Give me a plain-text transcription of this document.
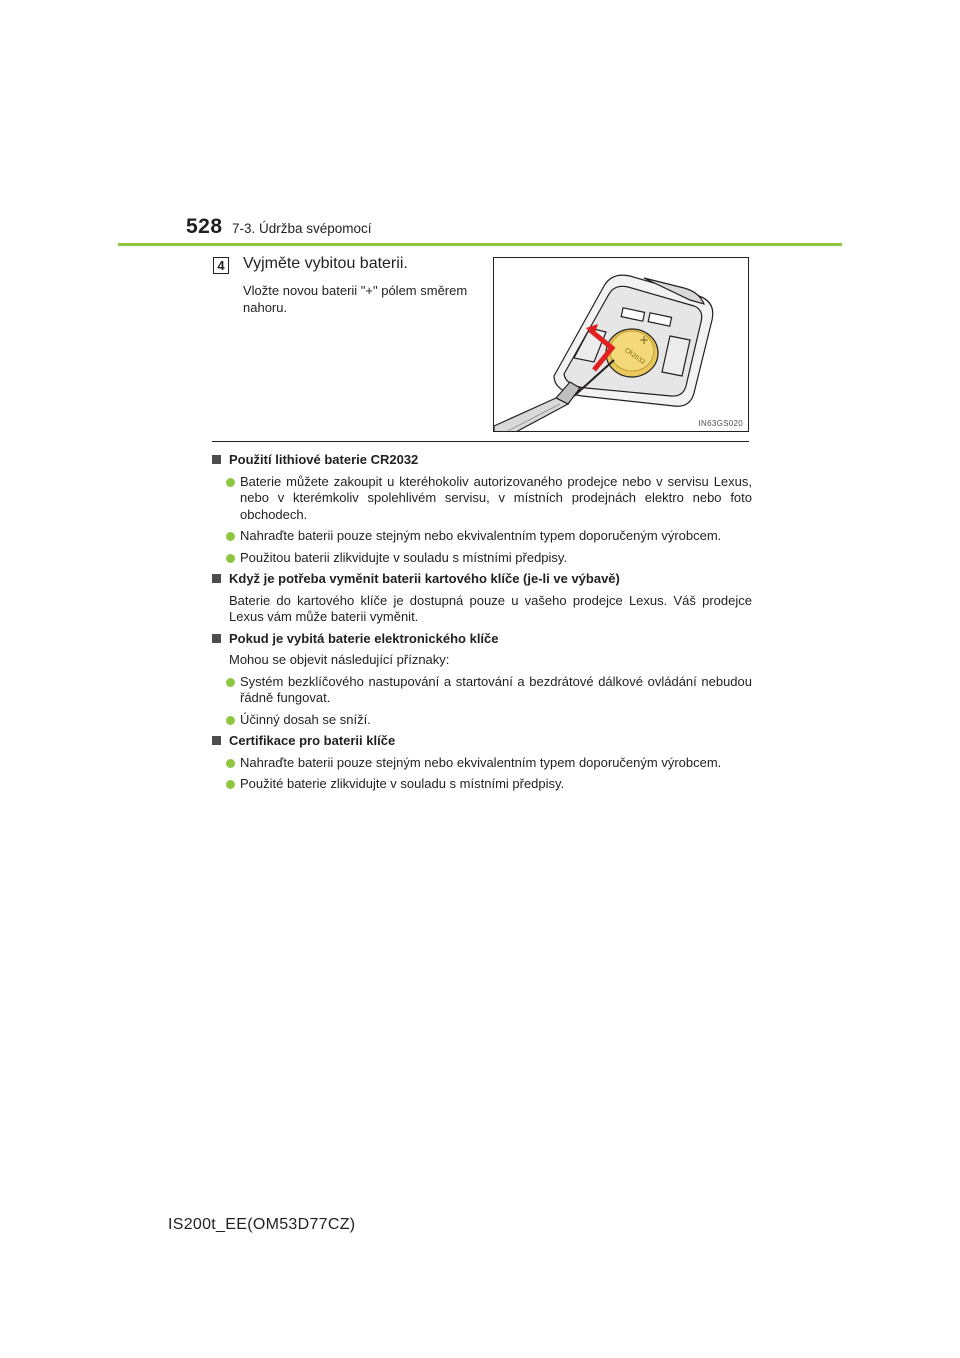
528 7-3. Údržba svépomocí
4 Vyjměte vybitou baterii.
Vložte novou baterii "+" pólem směrem nahoru.
+
CR2032
IN63GS020
Použití lithiové baterie CR2032
Baterie můžete zakoupit u kteréhokoliv autorizovaného prodejce nebo v servisu Lexus, nebo v kterémkoliv spolehlivém servisu, v místních prodejnách elektro nebo foto obchodech.
Nahraďte baterii pouze stejným nebo ekvivalentním typem doporučeným výrobcem.
Použitou baterii zlikvidujte v souladu s místními předpisy.
Když je potřeba vyměnit baterii kartového klíče (je-li ve výbavě)
Baterie do kartového klíče je dostupná pouze u vašeho prodejce Lexus. Váš prodejce Lexus vám může baterii vyměnit.
Pokud je vybitá baterie elektronického klíče
Mohou se objevit následující příznaky:
Systém bezklíčového nastupování a startování a bezdrátové dálkové ovládání nebudou řádně fungovat.
Účinný dosah se sníží.
Certifikace pro baterii klíče
Nahraďte baterii pouze stejným nebo ekvivalentním typem doporučeným výrobcem.
Použité baterie zlikvidujte v souladu s místními předpisy.
IS200t_EE(OM53D77CZ)
